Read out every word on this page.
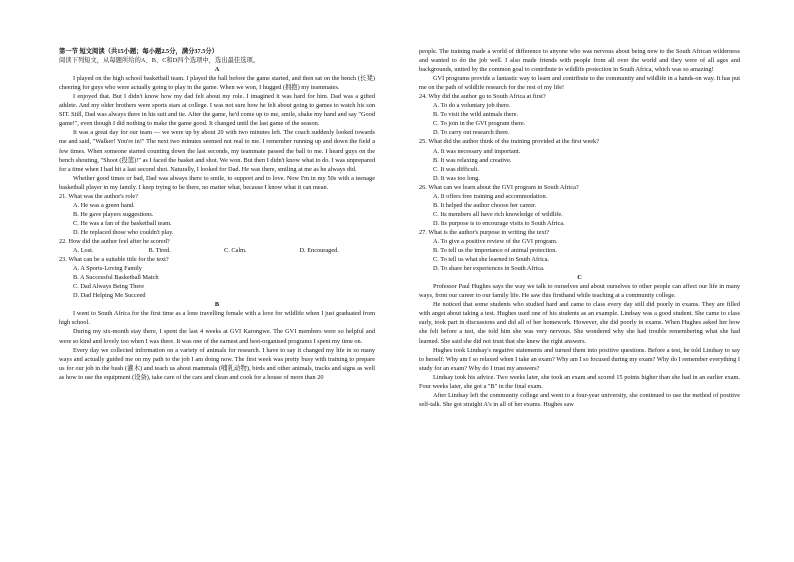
第一节 短文阅读（共15小题；每小题2.5分，满分37.5分）

阅读下列短文，从每题所给的A、B、C和D四个选项中，选出最佳选项。

A

I played on the high school basketball team. I played the ball before the game started, and then sat on the bench (长凳) cheering for guys who were actually going to play in the game. When we won, I hugged (拥抱) my teammates.

I enjoyed that. But I didn't know how my dad felt about my role. I imagined it was hard for him. Dad was a gifted athlete. And my older brothers were sports stars at college. I was not sure how he felt about going to games to watch his son SIT. Still, Dad was always there in his suit and tie. After the game, he'd come up to me, smile, shake my hand and say "Good game!", even though I did nothing to make the game good. It changed until the last game of the season.

It was a great day for our team — we were up by about 20 with two minutes left. The coach suddenly looked towards me and said, "Walker! You're in!" The next two minutes seemed not real to me. I remember running up and down the field a few times. When someone started counting down the last seconds, my teammate passed the ball to me. I heard guys on the bench shouting, "Shoot (投篮)!" as I faced the basket and shot. We won. But then I didn't know what to do. I was unprepared for a time when I had hit a last second shot. Naturally, I looked for Dad. He was there, smiling at me as he always did.

Whether good times or bad, Dad was always there to smile, to support and to love. Now I'm in my 50s with a teenage basketball player in my family. I keep trying to be there, no matter what, because I know what it can mean.

21. What was the author's role?

A. He was a green hand.

B. He gave players suggestions.

C. He was a fan of the basketball team.

D. He replaced those who couldn't play.

22. How did the author feel after he scored?

A. Lost.	B. Tired.	C. Calm.	D. Encouraged.

23. What can be a suitable title for the text?

A. A Sports-Loving Family

B. A Successful Basketball Match

C. Dad Always Being There

D. Dad Helping Me Succeed

B

I went to South Africa for the first time as a lone travelling female with a love for wildlife when I just graduated from high school.

During my six-month stay there, I spent the last 4 weeks at GVI Karongwe. The GVI members were so helpful and were so kind and lovely too when I was there. It was one of the earnest and best-organised programs I spent my time on.

Every day we collected information on a variety of animals for research. I have to say it changed my life in so many ways and actually guided me on my path to the job I am doing now. The first week was pretty busy with training to prepare us for our job in the bush (灌木) and teach us about mammals (哺乳动物), birds and other animals, tracks and signs as well as how to use the equipment (设备), take care of the cars and clean and cook for a house of more than 20

people. The training made a world of difference to anyone who was nervous about being new to the South African wilderness and wanted to do the job well. I also made friends with people from all over the world and they were of all ages and backgrounds, united by the common goal to contribute to wildlife protection in South Africa, which was so amazing!

GVI programs provide a fantastic way to learn and contribute to the community and wildlife in a hands-on way. It has put me on the path of wildlife research for the rest of my life!

24. Why did the author go to South Africa at first?

A. To do a voluntary job there.

B. To visit the wild animals there.

C. To join in the GVI program there.

D. To carry out research there.

25. What did the author think of the training provided at the first week?

A. It was necessary and important.

B. It was relaxing and creative.

C. It was difficult.

D. It was too long.

26. What can we learn about the GVI program in South Africa?

A. It offers free training and accommodation.

B. It helped the author choose her career.

C. Its members all have rich knowledge of wildlife.

D. Its purpose is to encourage visits to South Africa.

27. What is the author's purpose in writing the text?

A. To give a positive review of the GVI program.

B. To tell us the importance of animal protection.

C. To tell us what she learned in South Africa.

D. To share her experiences in South Africa.

C

Professor Paul Hughes says the way we talk to ourselves and about ourselves to other people can affect our life in many ways, from our career to our family life. He saw this firsthand while teaching at a community college.

He noticed that some students who studied hard and came to class every day still did poorly in exams. They are filled with angst about taking a test. Hughes used one of his students as an example. Lindsay was a good student. She came to class early, took part in discussions and did all of her homework. However, she did poorly in exams. When Hughes asked her how she felt before a test, she told him she was very nervous. She wondered why she had trouble remembering what she had learned. She said she did not trust that she knew the right answers.

Hughes took Lindsay's negative statements and turned them into positive questions. Before a test, he told Lindsay to say to herself: Why am I so relaxed when I take an exam? Why am I so focused during my exam? Why do I remember everything I study for an exam? Why do I trust my answers?

Lindsay took his advice. Two weeks later, she took an exam and scored 15 points higher than she had in an earlier exam. Four weeks later, she got a "B" in the final exam.

After Lindsay left the community college and went to a four-year university, she continued to use the method of positive self-talk. She got straight A's in all of her exams. Hughes saw
